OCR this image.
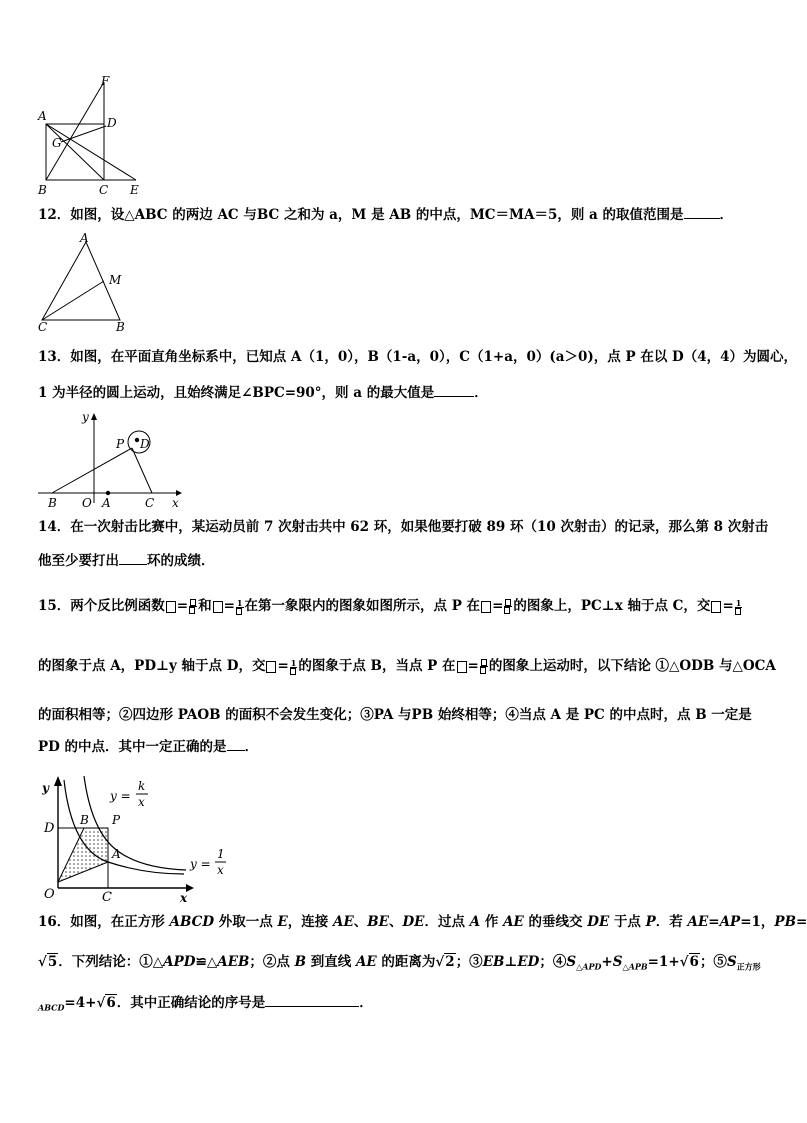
F
A	D
G
B	C E
12．如图，设△ABC 的两边 AC 与BC 之和为 a，M 是 AB 的中点，MC＝MA＝5，则 a 的取值范围是	．
A
M
C	B
13．如图，在平面直角坐标系中，已知点 A（1，0），B（1-a，0），C（1+a，0）(a＞0)，点 P 在以 D（4，4）为圆心，
1 为半径的圆上运动，且始终满足∠BPC=90°，则 a 的最大值是	．
y
P D
B O A	C x
14．在一次射击比赛中，某运动员前 7 次射击共中 62 环，如果他要打破 89 环（10 次射击）的记录，那么第 8 次射击
他至少要打出 环的成绩．
15．两个反比例函数 = 和 = 1 在第一象限内的图象如图所示，点 P 在 = 的图象上，PC⊥x 轴于点 C，交 = 1
的图象于点 A，PD⊥y 轴于点 D，交 = 1 的图象于点 B，当点 P 在 = 的图象上运动时，以下结论 ①△ODB 与△OCA
的面积相等；②四边形 PAOB 的面积不会发生变化；③PA 与PB 始终相等；④当点 A 是 PC 的中点时，点 B 一定是
PD 的中点．其中一定正确的是 ．
y
x
O	C
D
B P
A
y =
k
x
y =
1
x
16．如图，在正方形 ABCD 外取一点 E，连接 AE、BE、DE．过点 A 作 AE 的垂线交 DE 于点 P．若 AE=AP=1，PB=
√5．下列结论：①△APD≌△AEB；②点 B 到直线 AE 的距离为√2；③EB⊥ED；$④S_{\triangle APD}+S_{\triangle APB}=1+√6$；$⑤S_{正方形}$
$_{ABCD}$=4+√6．其中正确结论的序号是	．
